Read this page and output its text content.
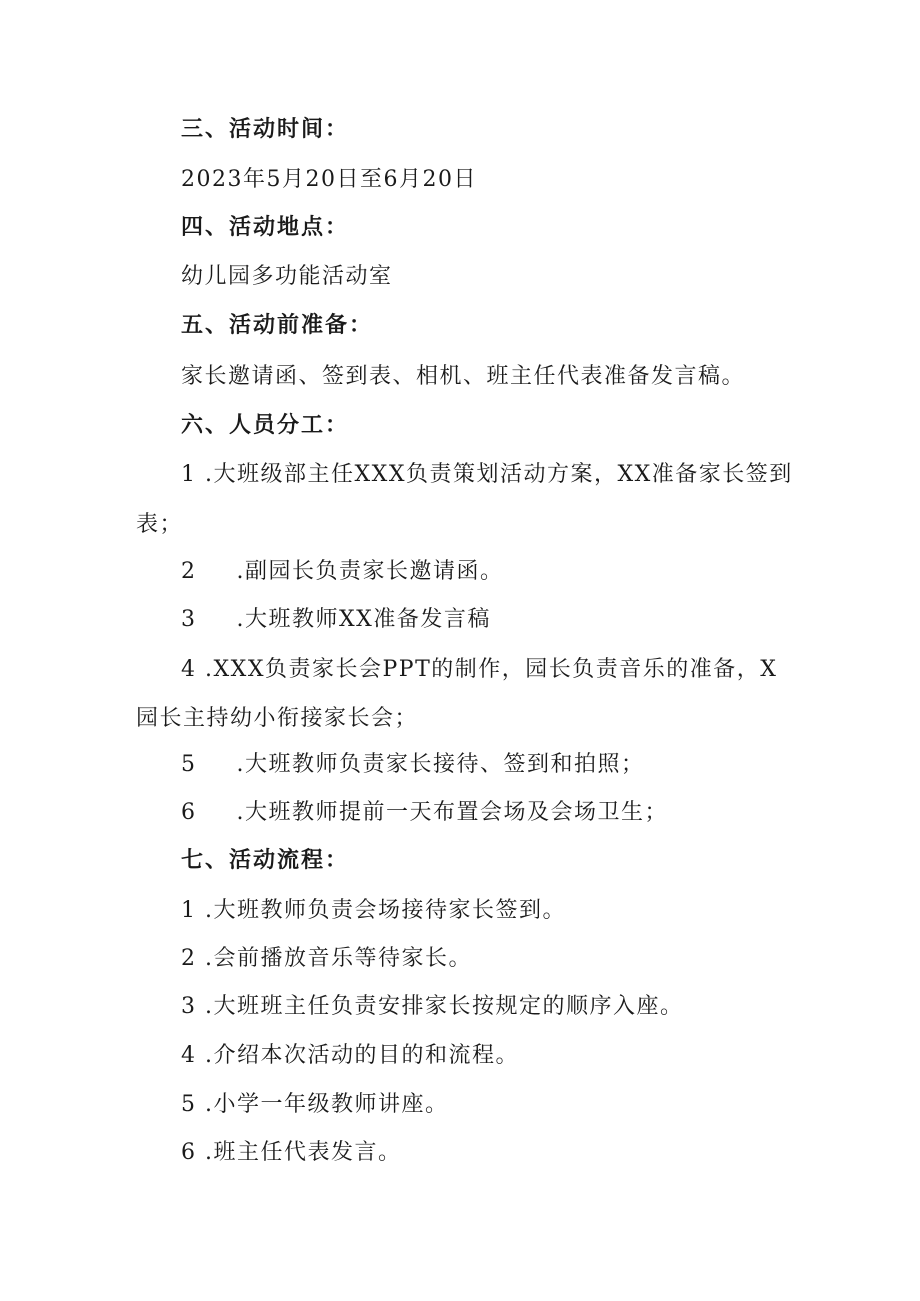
三、活动时间：
2023年5月20日至6月20日
四、活动地点：
幼儿园多功能活动室
五、活动前准备：
家长邀请函、签到表、相机、班主任代表准备发言稿。
六、人员分工：
1 .大班级部主任XXX负责策划活动方案，XX准备家长签到
表；
2 .副园长负责家长邀请函。
3 .大班教师XX准备发言稿
4 .XXX负责家长会PPT的制作，园长负责音乐的准备，X
园长主持幼小衔接家长会；
5 .大班教师负责家长接待、签到和拍照；
6 .大班教师提前一天布置会场及会场卫生；
七、活动流程：
1 .大班教师负责会场接待家长签到。
2 .会前播放音乐等待家长。
3 .大班班主任负责安排家长按规定的顺序入座。
4 .介绍本次活动的目的和流程。
5 .小学一年级教师讲座。
6 .班主任代表发言。
